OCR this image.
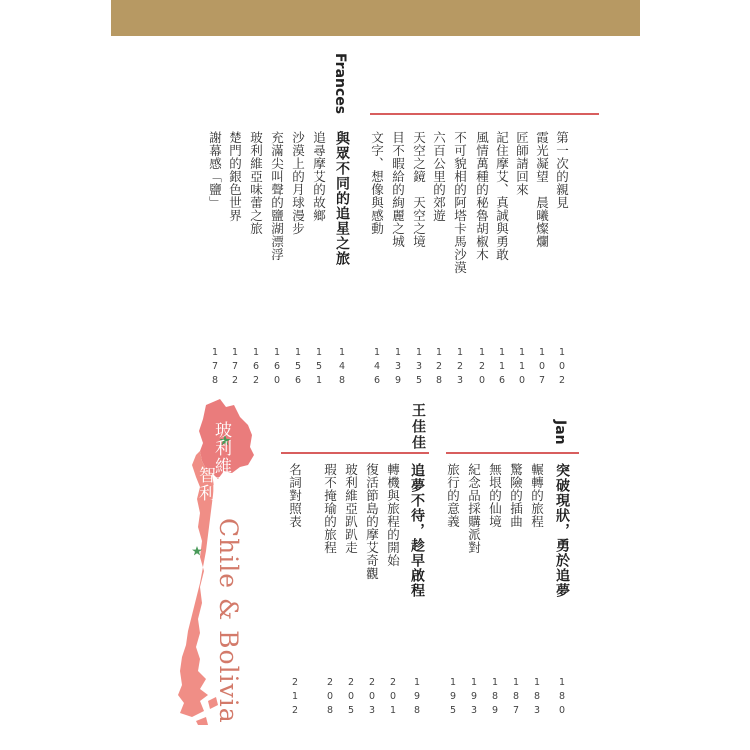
Frances
第一次的親見
霞光凝望　晨曦燦爛
匠師請回來
記住摩艾、真誠與勇敢
風情萬種的秘魯胡椒木
不可貌相的阿塔卡馬沙漠
六百公里的郊遊
天空之鏡　天空之境
目不暇給的絢麗之城
文字、想像與感動
102
107
110
116
120
123
128
135
139
146
與眾不同的追星之旅
148
追尋摩艾的故鄉
沙漠上的月球漫步
充滿尖叫聲的鹽湖漂浮
玻利維亞味蕾之旅
楚門的銀色世界
謝幕感「鹽」
151
156
160
162
172
178
Jan
突破現狀，勇於追夢
180
輾轉的旅程
驚險的插曲
無垠的仙境
紀念品採購派對
旅行的意義
183
187
189
193
195
王佳佳
追夢不待，趁早啟程
198
轉機與旅程的開始
復活節島的摩艾奇觀
玻利維亞趴趴走
瑕不掩瑜的旅程
201
203
205
208
名詞對照表
212
玻利維亞
智利
Chile & Bolivia
